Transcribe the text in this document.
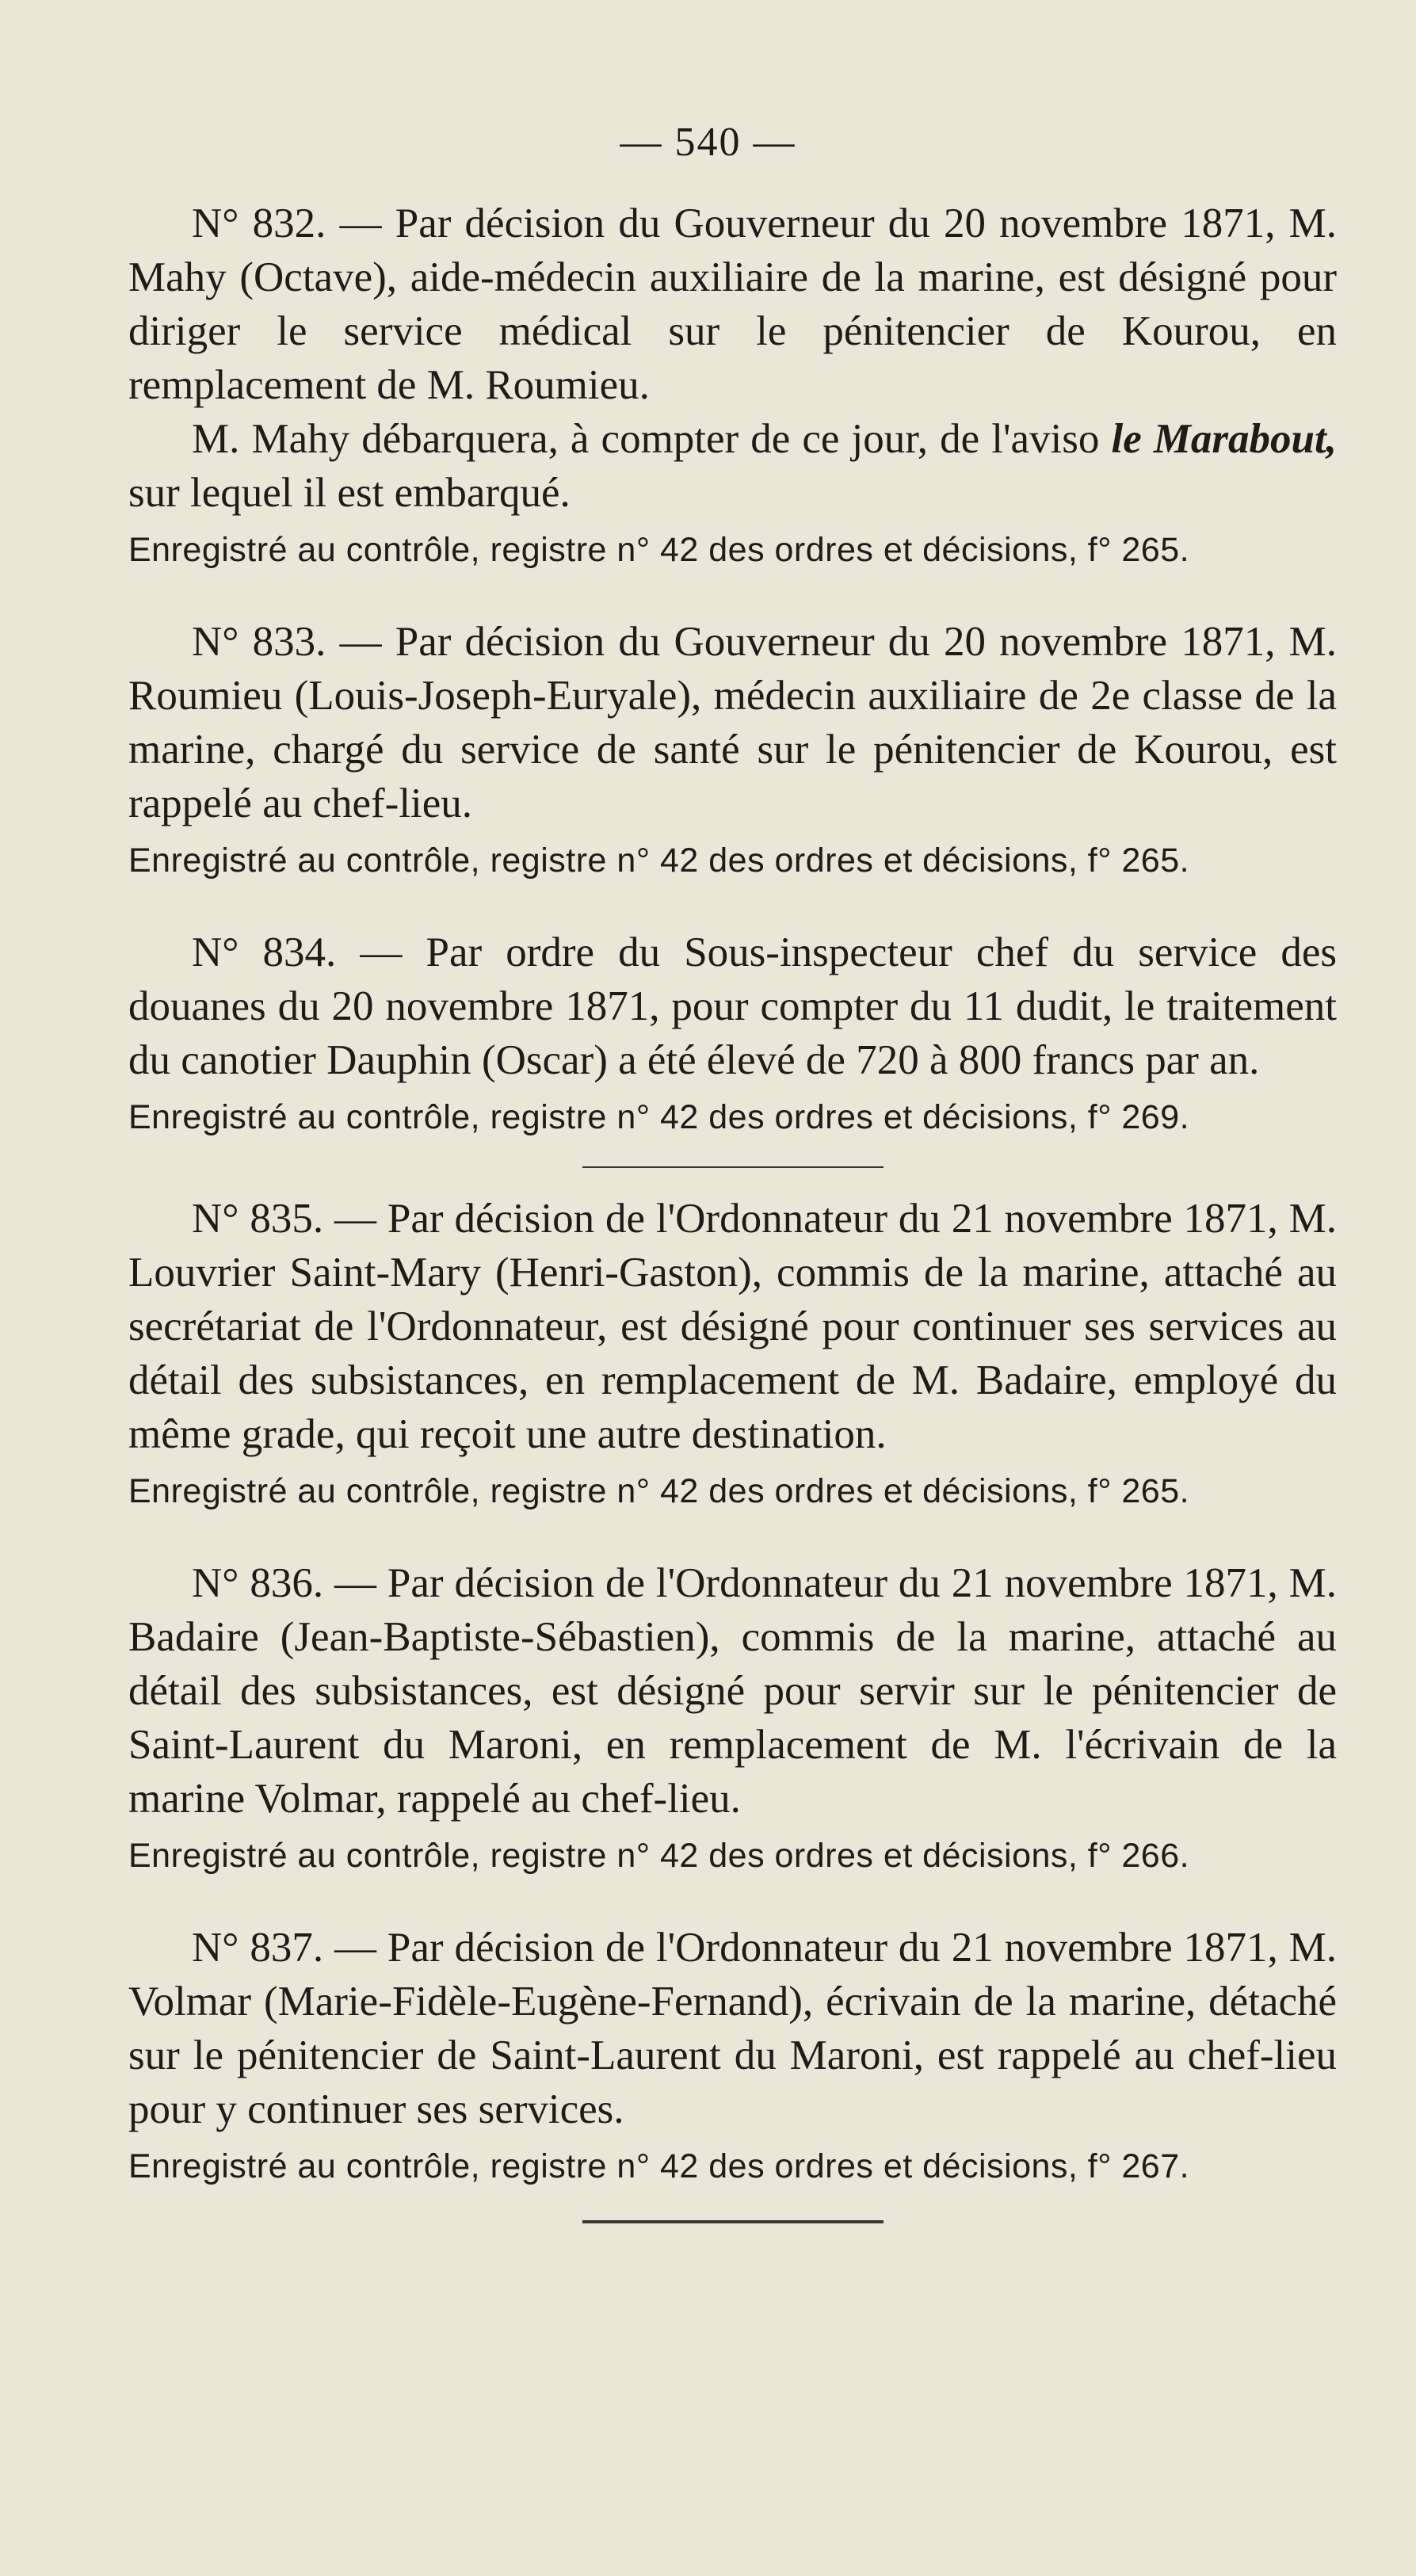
— 540 —

N° 832. — Par décision du Gouverneur du 20 novembre 1871, M. Mahy (Octave), aide-médecin auxiliaire de la marine, est désigné pour diriger le service médical sur le pénitencier de Kourou, en remplacement de M. Roumieu.

M. Mahy débarquera, à compter de ce jour, de l'aviso le Marabout, sur lequel il est embarqué.

Enregistré au contrôle, registre n° 42 des ordres et décisions, f° 265.

N° 833. — Par décision du Gouverneur du 20 novembre 1871, M. Roumieu (Louis-Joseph-Euryale), médecin auxiliaire de 2e classe de la marine, chargé du service de santé sur le pénitencier de Kourou, est rappelé au chef-lieu.

Enregistré au contrôle, registre n° 42 des ordres et décisions, f° 265.

N° 834. — Par ordre du Sous-inspecteur chef du service des douanes du 20 novembre 1871, pour compter du 11 dudit, le traitement du canotier Dauphin (Oscar) a été élevé de 720 à 800 francs par an.

Enregistré au contrôle, registre n° 42 des ordres et décisions, f° 269.

N° 835. — Par décision de l'Ordonnateur du 21 novembre 1871, M. Louvrier Saint-Mary (Henri-Gaston), commis de la marine, attaché au secrétariat de l'Ordonnateur, est désigné pour continuer ses services au détail des subsistances, en remplacement de M. Badaire, employé du même grade, qui reçoit une autre destination.

Enregistré au contrôle, registre n° 42 des ordres et décisions, f° 265.

N° 836. — Par décision de l'Ordonnateur du 21 novembre 1871, M. Badaire (Jean-Baptiste-Sébastien), commis de la marine, attaché au détail des subsistances, est désigné pour servir sur le pénitencier de Saint-Laurent du Maroni, en remplacement de M. l'écrivain de la marine Volmar, rappelé au chef-lieu.

Enregistré au contrôle, registre n° 42 des ordres et décisions, f° 266.

N° 837. — Par décision de l'Ordonnateur du 21 novembre 1871, M. Volmar (Marie-Fidèle-Eugène-Fernand), écrivain de la marine, détaché sur le pénitencier de Saint-Laurent du Maroni, est rappelé au chef-lieu pour y continuer ses services.

Enregistré au contrôle, registre n° 42 des ordres et décisions, f° 267.
